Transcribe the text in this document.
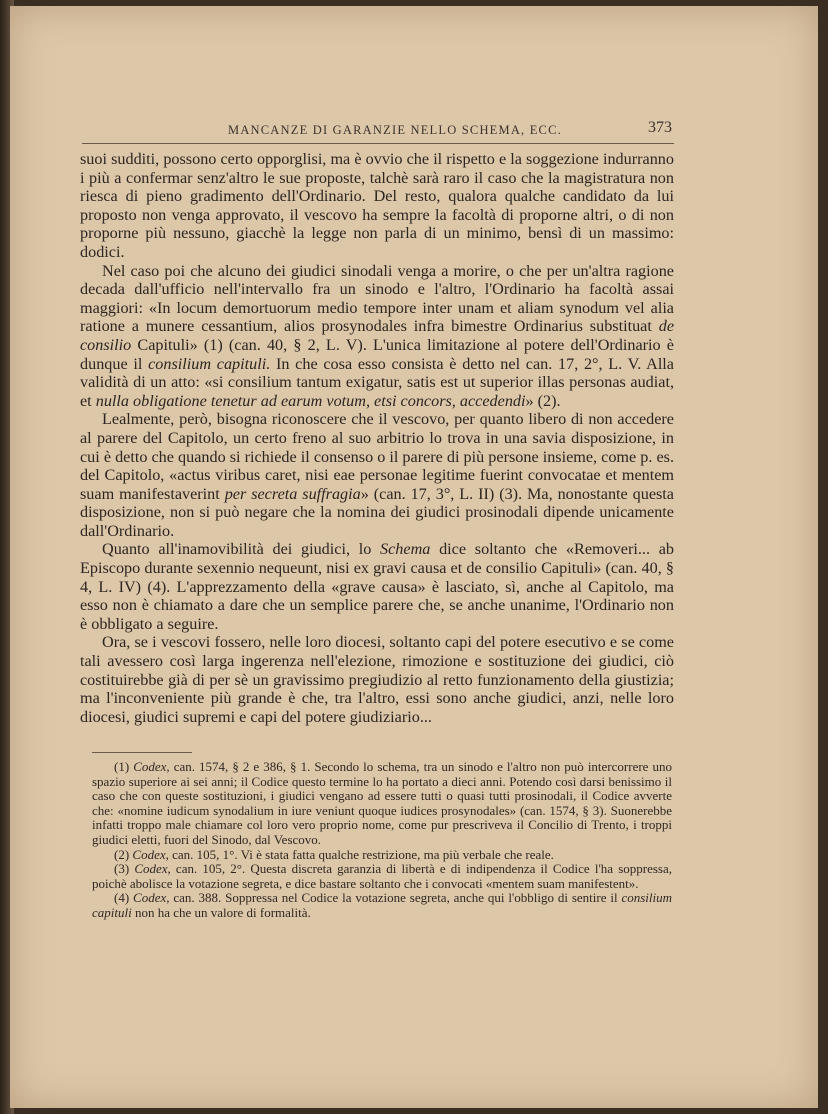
MANCANZE DI GARANZIE NELLO SCHEMA, ECC.	373

suoi sudditi, possono certo opporglisi, ma è ovvio che il rispetto e la soggezione indurranno i più a confermar senz'altro le sue proposte, talchè sarà raro il caso che la magistratura non riesca di pieno gradimento dell'Ordinario. Del resto, qualora qualche candidato da lui proposto non venga approvato, il vescovo ha sempre la facoltà di proporne altri, o di non proporne più nessuno, giacchè la legge non parla di un minimo, bensì di un massimo: dodici.

Nel caso poi che alcuno dei giudici sinodali venga a morire, o che per un'altra ragione decada dall'ufficio nell'intervallo fra un sinodo e l'altro, l'Ordinario ha facoltà assai maggiori: «In locum demortuorum medio tempore inter unam et aliam synodum vel alia ratione a munere cessantium, alios prosynodales infra bimestre Ordinarius substituat de consilio Capituli» (1) (can. 40, § 2, L. V). L'unica limitazione al potere dell'Ordinario è dunque il consilium capituli. In che cosa esso consista è detto nel can. 17, 2°, L. V. Alla validità di un atto: «si consilium tantum exigatur, satis est ut superior illas personas audiat, et nulla obligatione tenetur ad earum votum, etsi concors, accedendi» (2).

Lealmente, però, bisogna riconoscere che il vescovo, per quanto libero di non accedere al parere del Capitolo, un certo freno al suo arbitrio lo trova in una savia disposizione, in cui è detto che quando si richiede il consenso o il parere di più persone insieme, come p. es. del Capitolo, «actus viribus caret, nisi eae personae legitime fuerint convocatae et mentem suam manifestaverint per secreta suffragia» (can. 17, 3°, L. II) (3). Ma, nonostante questa disposizione, non si può negare che la nomina dei giudici prosinodali dipende unicamente dall'Ordinario.

Quanto all'inamovibilità dei giudici, lo Schema dice soltanto che «Removeri... ab Episcopo durante sexennio nequeunt, nisi ex gravi causa et de consilio Capituli» (can. 40, § 4, L. IV) (4). L'apprezzamento della «grave causa» è lasciato, sì, anche al Capitolo, ma esso non è chiamato a dare che un semplice parere che, se anche unanime, l'Ordinario non è obbligato a seguire.

Ora, se i vescovi fossero, nelle loro diocesi, soltanto capi del potere esecutivo e se come tali avessero così larga ingerenza nell'elezione, rimozione e sostituzione dei giudici, ciò costituirebbe già di per sè un gravissimo pregiudizio al retto funzionamento della giustizia; ma l'inconveniente più grande è che, tra l'altro, essi sono anche giudici, anzi, nelle loro diocesi, giudici supremi e capi del potere giudiziario...

(1) Codex, can. 1574, § 2 e 386, § 1. Secondo lo schema, tra un sinodo e l'altro non può intercorrere uno spazio superiore ai sei anni; il Codice questo termine lo ha portato a dieci anni. Potendo così darsi benissimo il caso che con queste sostituzioni, i giudici vengano ad essere tutti o quasi tutti prosinodali, il Codice avverte che: «nomine iudicum synodalium in iure veniunt quoque iudices prosynodales» (can. 1574, § 3). Suonerebbe infatti troppo male chiamare col loro vero proprio nome, come pur prescriveva il Concilio di Trento, i troppi giudici eletti, fuori del Sinodo, dal Vescovo.

(2) Codex, can. 105, 1°. Vi è stata fatta qualche restrizione, ma più verbale che reale.

(3) Codex, can. 105, 2°. Questa discreta garanzia di libertà e di indipendenza il Codice l'ha soppressa, poichè abolisce la votazione segreta, e dice bastare soltanto che i convocati «mentem suam manifestent».

(4) Codex, can. 388. Soppressa nel Codice la votazione segreta, anche qui l'obbligo di sentire il consilium capituli non ha che un valore di formalità.
